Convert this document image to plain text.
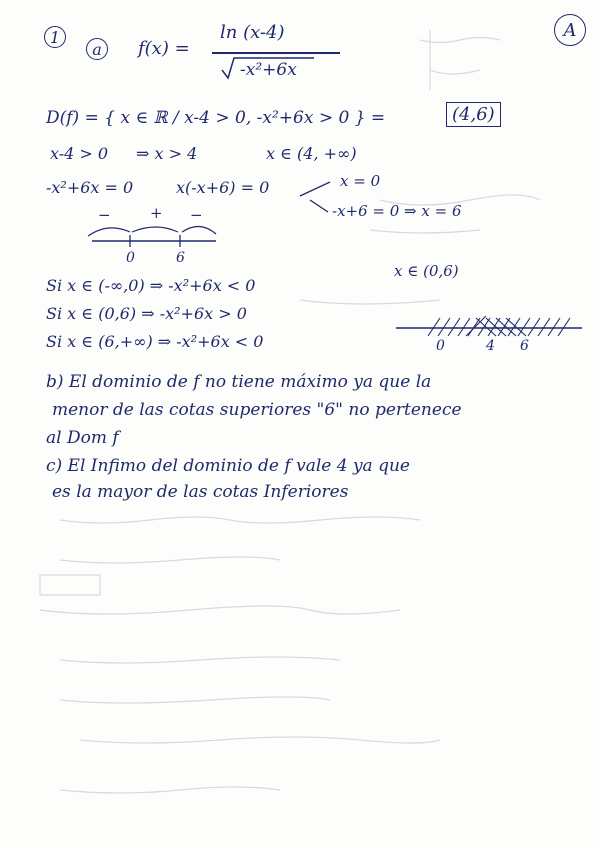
1
a
A
f(x) =
ln (x-4)
-x²+6x
D(f) = { x ∈ ℝ / x-4 > 0, -x²+6x > 0 } =	(4,6)
x-4 > 0 ⇒ x > 4	x ∈ (4, +∞)
-x²+6x = 0	x(-x+6) = 0	x = 0
-x+6 = 0 ⇒ x = 6
−	+ −
0	6
x ∈ (0,6)
Si x ∈ (-∞,0) ⇒ -x²+6x < 0
Si x ∈ (0,6) ⇒ -x²+6x > 0
Si x ∈ (6,+∞) ⇒ -x²+6x < 0	0	4 6
b) El dominio de f no tiene máximo ya que la
menor de las cotas superiores "6" no pertenece
al Dom f
c) El Infimo del dominio de f vale 4 ya que
es la mayor de las cotas Inferiores
